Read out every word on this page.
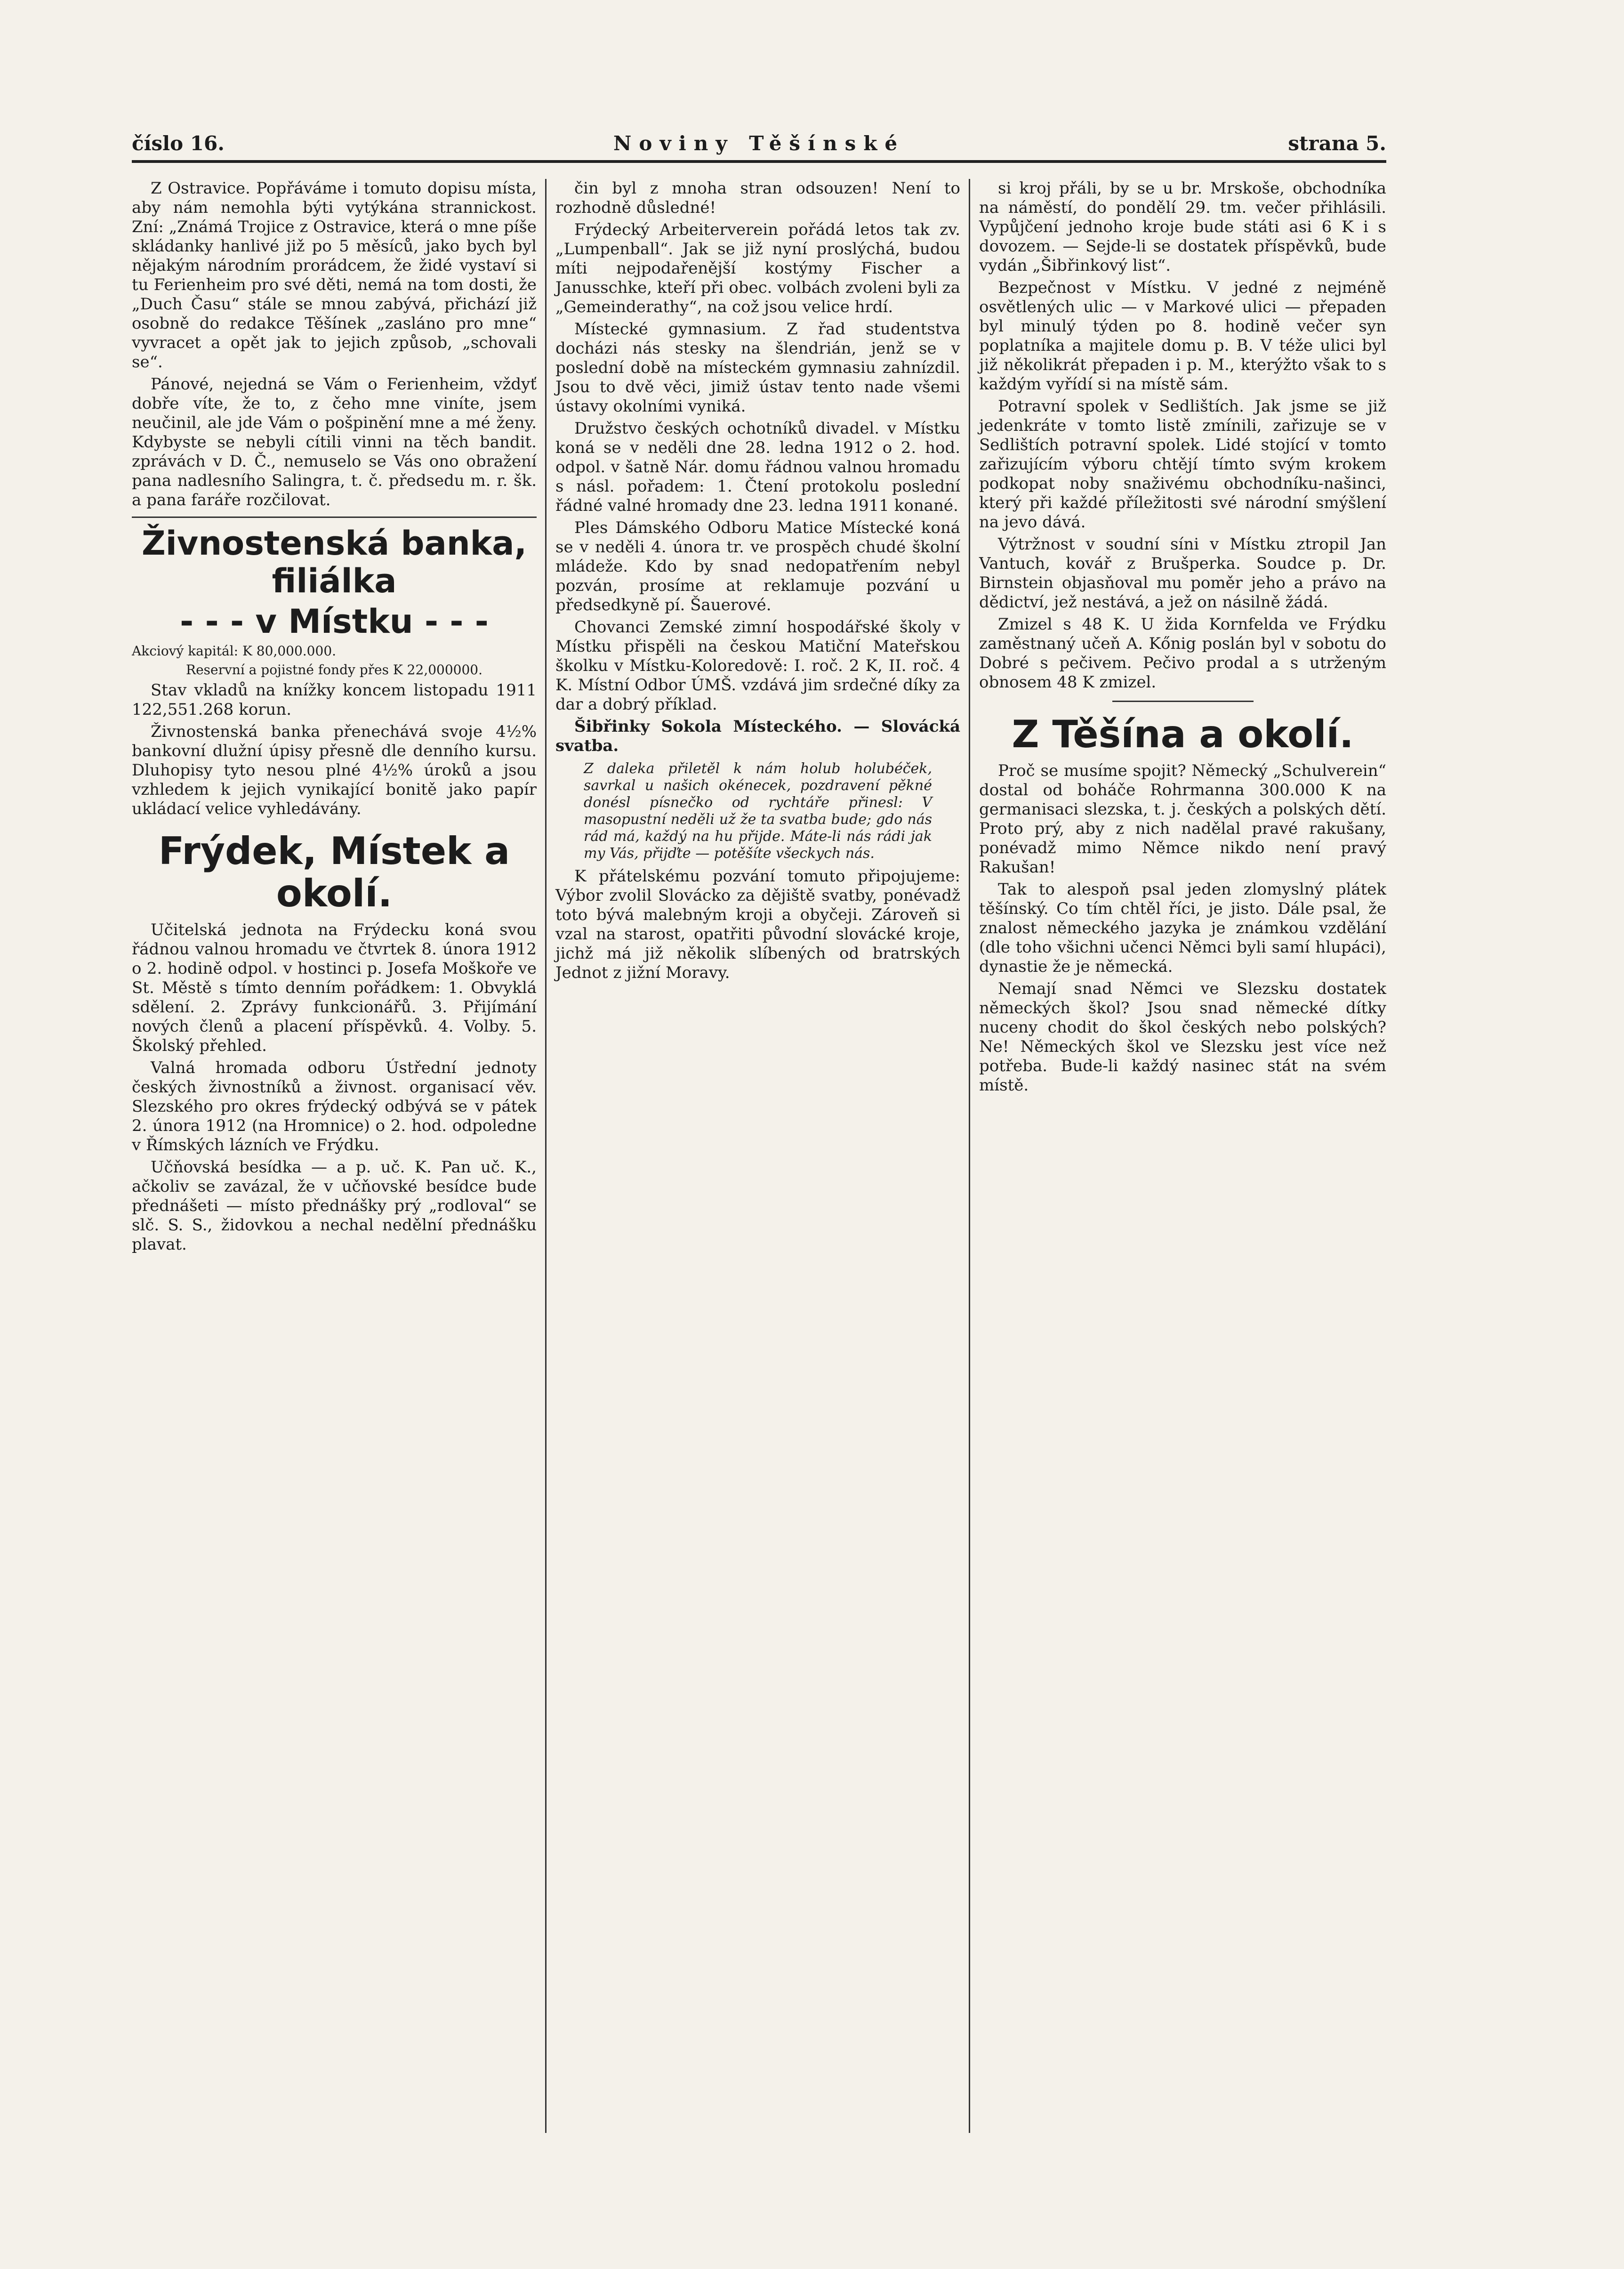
číslo 16.	Noviny Těšínské	strana 5.

Z Ostravice. Popřáváme i tomuto dopisu místa, aby nám nemohla býti vytýkána strannickost. Zní: „Známá Trojice z Ostravice, která o mne píše skládanky hanlivé již po 5 měsíců, jako bych byl nějakým národním prorádcem, že židé vystaví si tu Ferienheim pro své děti, nemá na tom dosti, že „Duch Času“ stále se mnou zabývá, přichází již osobně do redakce Těšínek „zasláno pro mne“ vyvracet a opět jak to jejich způsob, „schovali se“.

Pánové, nejedná se Vám o Ferienheim, vždyť dobře víte, že to, z čeho mne viníte, jsem neučinil, ale jde Vám o pošpinění mne a mé ženy. Kdybyste se nebyli cítili vinni na těch bandit. zprávách v D. Č., nemuselo se Vás ono obražení pana nadlesního Salingra, t. č. předsedu m. r. šk. a pana faráře rozčilovat.

Živnostenská banka, filiálka

- - - v Místku - - -

Akciový kapitál: K 80,000.000.

Reservní a pojistné fondy přes K 22,000000.

Stav vkladů na knížky koncem listopadu 1911 122,551.268 korun.

Živnostenská banka přenechává svoje 4½% bankovní dlužní úpisy přesně dle denního kursu. Dluhopisy tyto nesou plné 4½% úroků a jsou vzhledem k jejich vynikající bonitě jako papír ukládací velice vyhledávány.

Frýdek, Místek a okolí.

Učitelská jednota na Frýdecku koná svou řádnou valnou hromadu ve čtvrtek 8. února 1912 o 2. hodině odpol. v hostinci p. Josefa Moškoře ve St. Městě s tímto denním pořádkem: 1. Obvyklá sdělení. 2. Zprávy funkcionářů. 3. Přijímání nových členů a placení příspěvků. 4. Volby. 5. Školský přehled.

Valná hromada odboru Ústřední jednoty českých živnostníků a živnost. organisací věv. Slezského pro okres frýdecký odbývá se v pátek 2. února 1912 (na Hromnice) o 2. hod. odpoledne v Římských lázních ve Frýdku.

Učňovská besídka — a p. uč. K. Pan uč. K., ačkoliv se zavázal, že v učňovské besídce bude přednášeti — místo přednášky prý „rodloval“ se slč. S. S., židovkou a nechal nedělní přednášku plavat.

čin byl z mnoha stran odsouzen! Není to rozhodně důsledné!

Frýdecký Arbeiterverein pořádá letos tak zv. „Lumpenball“. Jak se již nyní proslýchá, budou míti nejpodařenější kostýmy Fischer a Janusschke, kteří při obec. volbách zvoleni byli za „Gemeinderathy“, na což jsou velice hrdí.

Místecké gymnasium. Z řad studentstva docházi nás stesky na šlendrián, jenž se v poslední době na místeckém gymnasiu zahnízdil. Jsou to dvě věci, jimiž ústav tento nade všemi ústavy okolními vyniká.

Družstvo českých ochotníků divadel. v Místku koná se v neděli dne 28. ledna 1912 o 2. hod. odpol. v šatně Nár. domu řádnou valnou hromadu s násl. pořadem: 1. Čtení protokolu poslední řádné valné hromady dne 23. ledna 1911 konané.

Ples Dámského Odboru Matice Místecké koná se v neděli 4. února tr. ve prospěch chudé školní mládeže. Kdo by snad nedopatřením nebyl pozván, prosíme at reklamuje pozvání u předsedkyně pí. Šauerové.

Chovanci Zemské zimní hospodářské školy v Místku přispěli na českou Matiční Mateřskou školku v Místku-Koloredově: I. roč. 2 K, II. roč. 4 K. Místní Odbor ÚMŠ. vzdává jim srdečné díky za dar a dobrý příklad.

Šibřinky Sokola Místeckého. — Slovácká svatba.

Z daleka přiletěl k nám holub holubéček, savrkal u našich okénecek, pozdravení pěkné donésl písnečko od rychtáře přinesl: V masopustní neděli už že ta svatba bude; gdo nás rád má, každý na hu přijde. Máte-li nás rádi jak my Vás, přijďte — potěšíte všeckych nás.

K přátelskému pozvání tomuto připojujeme: Výbor zvolil Slovácko za dějiště svatby, ponévadž toto bývá malebným kroji a obyčeji. Zároveň si vzal na starost, opatřiti původní slovácké kroje, jichž má již několik slíbených od bratrských Jednot z jižní Moravy.

si kroj přáli, by se u br. Mrskoše, obchodníka na náměstí, do pondělí 29. tm. večer přihlásili. Vypůjčení jednoho kroje bude státi asi 6 K i s dovozem. — Sejde-li se dostatek příspěvků, bude vydán „Šibřinkový list“.

Bezpečnost v Místku. V jedné z nejméně osvětlených ulic — v Markové ulici — přepaden byl minulý týden po 8. hodině večer syn poplatníka a majitele domu p. B. V téže ulici byl již několikrát přepaden i p. M., kterýžto však to s každým vyřídí si na místě sám.

Potravní spolek v Sedlištích. Jak jsme se již jedenkráte v tomto listě zmínili, zařizuje se v Sedlištích potravní spolek. Lidé stojící v tomto zařizujícím výboru chtějí tímto svým krokem podkopat noby snaživému obchodníku-našinci, který při každé příležitosti své národní smýšlení na jevo dává.

Výtržnost v soudní síni v Místku ztropil Jan Vantuch, kovář z Brušperka. Soudce p. Dr. Birnstein objasňoval mu poměr jeho a právo na dědictví, jež nestává, a jež on násilně žádá.

Zmizel s 48 K. U žida Kornfelda ve Frýdku zaměstnaný učeň A. Kőnig poslán byl v sobotu do Dobré s pečivem. Pečivo prodal a s utrženým obnosem 48 K zmizel.

Z Těšína a okolí.

Proč se musíme spojit? Německý „Schulverein“ dostal od boháče Rohrmanna 300.000 K na germanisaci slezska, t. j. českých a polských dětí. Proto prý, aby z nich nadělal pravé rakušany, ponévadž mimo Němce nikdo není pravý Rakušan!

Tak to alespoň psal jeden zlomyslný plátek těšínský. Co tím chtěl říci, je jisto. Dále psal, že znalost německého jazyka je známkou vzdělání (dle toho všichni učenci Němci byli samí hlupáci), dynastie že je německá.

Nemají snad Němci ve Slezsku dostatek německých škol? Jsou snad německé dítky nuceny chodit do škol českých nebo polských? Ne! Německých škol ve Slezsku jest více než potřeba. Bude-li každý nasinec stát na svém místě.
